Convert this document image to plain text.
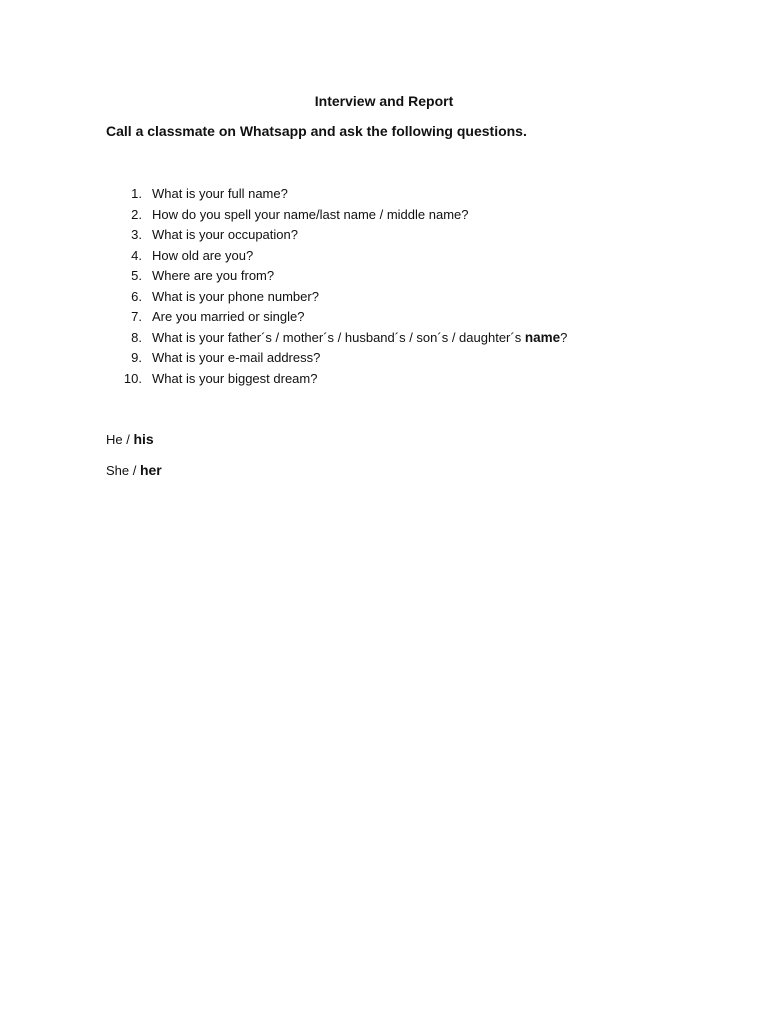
Interview and Report
Call a classmate on Whatsapp and ask the following questions.
1. What is your full name?
2. How do you spell your name/last name / middle name?
3. What is your occupation?
4. How old are you?
5. Where are you from?
6. What is your phone number?
7. Are you married or single?
8. What is your father´s / mother´s / husband´s / son´s / daughter´s name?
9. What is your e-mail address?
10. What is your biggest dream?
He / his
She / her
